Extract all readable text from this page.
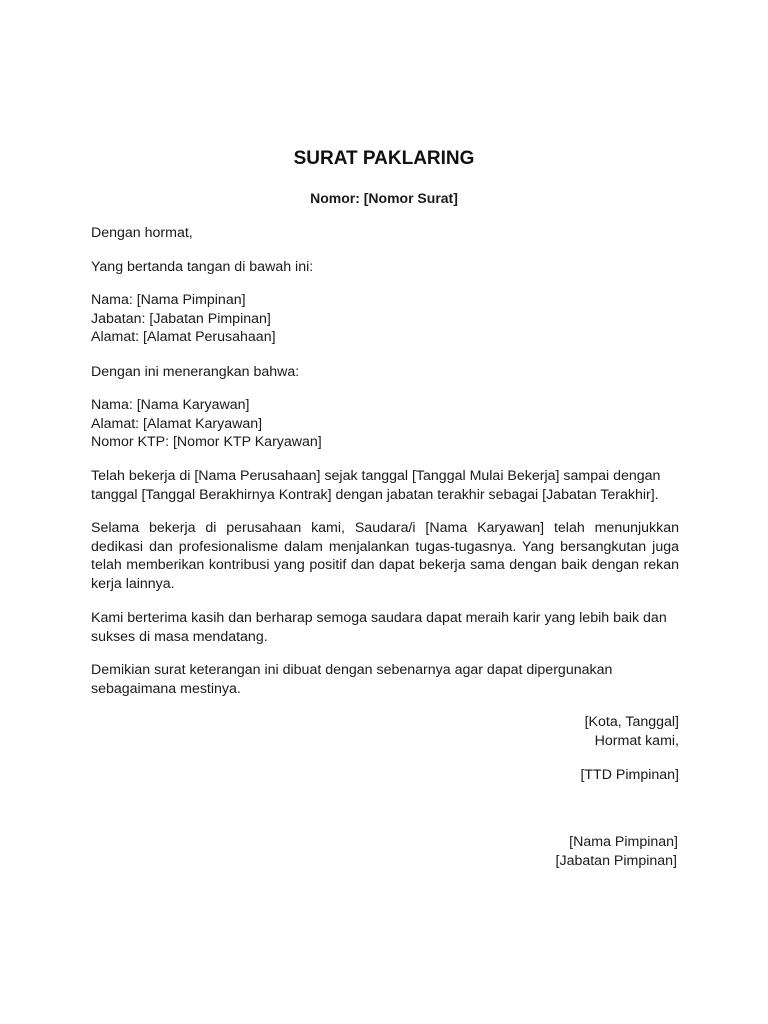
SURAT PAKLARING
Nomor: [Nomor Surat]
Dengan hormat,
Yang bertanda tangan di bawah ini:
Nama: [Nama Pimpinan]
Jabatan: [Jabatan Pimpinan]
Alamat: [Alamat Perusahaan]
Dengan ini menerangkan bahwa:
Nama: [Nama Karyawan]
Alamat: [Alamat Karyawan]
Nomor KTP: [Nomor KTP Karyawan]
Telah bekerja di [Nama Perusahaan] sejak tanggal [Tanggal Mulai Bekerja] sampai dengan
tanggal [Tanggal Berakhirnya Kontrak] dengan jabatan terakhir sebagai [Jabatan Terakhir].
Selama bekerja di perusahaan kami, Saudara/i [Nama Karyawan] telah menunjukkan dedikasi dan profesionalisme dalam menjalankan tugas-tugasnya. Yang bersangkutan juga telah memberikan kontribusi yang positif dan dapat bekerja sama dengan baik dengan rekan kerja lainnya.
Kami berterima kasih dan berharap semoga saudara dapat meraih karir yang lebih baik dan
sukses di masa mendatang.
Demikian surat keterangan ini dibuat dengan sebenarnya agar dapat dipergunakan
sebagaimana mestinya.
[Kota, Tanggal]
Hormat kami,
[TTD Pimpinan]
[Nama Pimpinan]
[Jabatan Pimpinan]
